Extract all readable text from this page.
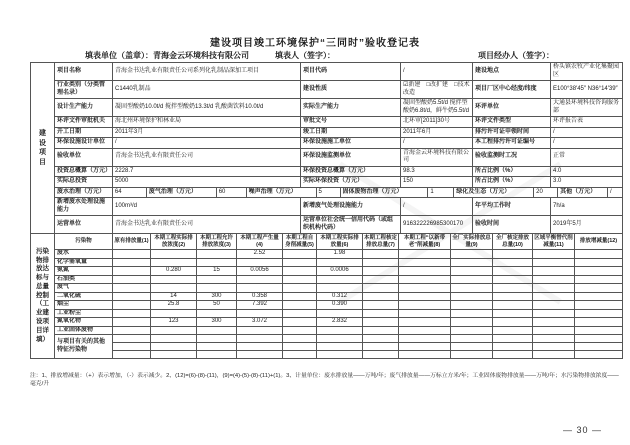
建设项目竣工环境保护“三同时”验收登记表
填表单位（盖章）：青海金云环境科技有限公司	填表人（签字）：	项目经办人（签字）：
建设项目	项目名称	青海金书达乳业有限责任公司系列化乳制品深加工项目	项目代码	/	建设地点	桥头镇农牧产业化集聚园区
	行业类别（分类管理名录）	C1440乳制品	建设性质	☑新建　□改扩建　□技术改造	项目厂区中心经度/纬度	E100°38′45″ N36°14′39″
	设计生产能力	凝固型酸奶10.0t/d 搅拌型酸奶13.3t/d 乳酸菌饮料10.0t/d	实际生产能力	凝固型酸奶5.5t/d 搅拌型酸奶6.8t/d，鲜牛奶5.5t/d	环评单位	大通县环境科技咨询服务部
	环评文件审批机关	海北州环境保护和林业局	审批文号	北环审[2011]30号	环评文件类型	环评报告表
	开工日期	2011年3月	竣工日期	2011年6月	排污许可证申领时间	/
	环保设施设计单位	/	环保设施施工单位	/	本工程排污许可证编号	/
	验收单位	青海金书达乳业有限责任公司	环保设施监测单位	青海金云环境科技有限公司	验收监测时工况	正常
	投资总概算（万元）	2228.7	环保投资总概算（万元）	98.3	所占比例（%）	4.0
	实际总投资	5000	实际环保投资（万元）	150	所占比例（%）	3.0

废水治理（万元）	64	废气治理（万元）	60	噪声治理（万元）	5	固体废物治理（万元）	1	绿化及生态（万元）	20	其他（万元）	/

	新增废水处理设施能力	100m³/d	新增废气处理设施能力	/	年平均工作时	7h/a
	运营单位	青海金书达乳业有限责任公司	运营单位社会统一信用代码（或组织机构代码）	916322226985300170	验收时间	2019年5月
污染物排放达标与总量控制（工业建设项目详填）	污染物	原有排放量(1)	本期工程实际排放浓度(2)	本期工程允许排放浓度(3)	本期工程产生量(4)	本期工程自身削减量(5)	本期工程实际排放量(6)	本期工程核定排放总量(7)	本期工程“以新带老”削减量(8)	全厂实际排放总量(9)	全厂核定排放总量(10)	区域平衡替代削减量(11)	排放增减量(12)
	废水				2.52		1.98						
	化学需氧量												
	氨氮		0.280	15	0.0056		0.0006						
	石油类												
	废气												
	二氧化硫		14	300	0.358		0.312						
	烟尘		25.8	50	7.392		0.390						
	工业粉尘												
	氮氧化物		123	300	3.072		2.832						
	工业固体废物												
	与项目有关的其他特征污染物												

注：1、排放增减量：（+）表示增加，（-）表示减少。2、(12)=(6)-(8)-(11)，(9)=(4)-(5)-(8)-(11)+(1)。3、计量单位：废水排放量——万吨/年；废气排放量——万标立方米/年；工业固体废物排放量——万吨/年；水污染物排放浓度——毫克/升
— 30 —
